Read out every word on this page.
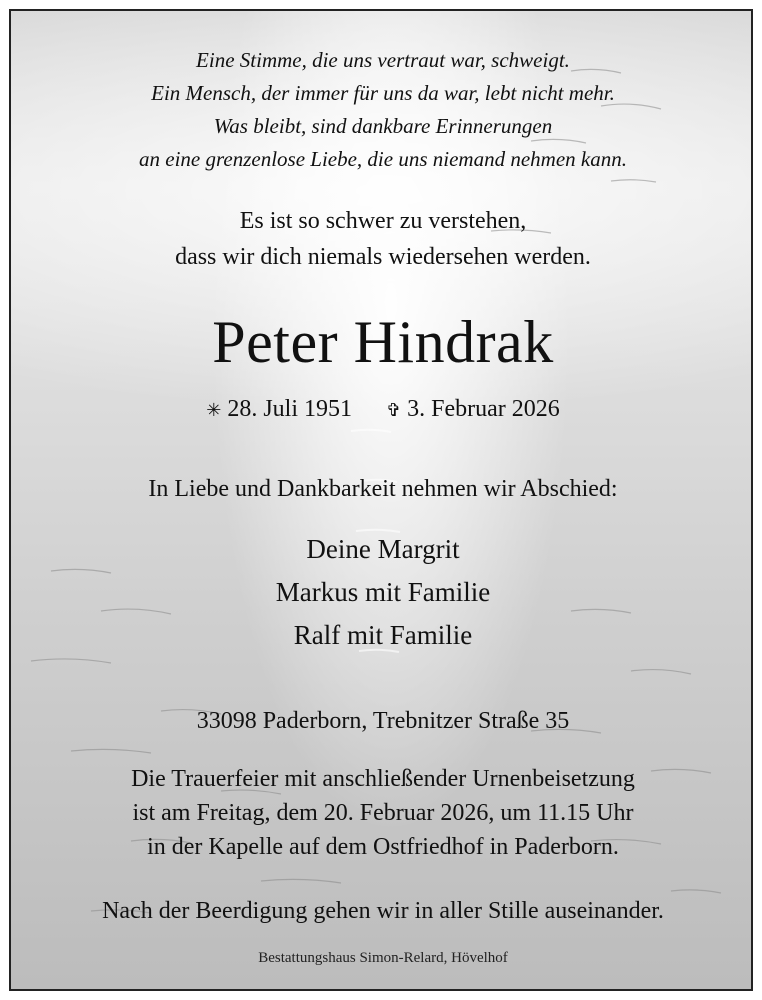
Eine Stimme, die uns vertraut war, schweigt.
Ein Mensch, der immer für uns da war, lebt nicht mehr.
Was bleibt, sind dankbare Erinnerungen
an eine grenzenlose Liebe, die uns niemand nehmen kann.
Es ist so schwer zu verstehen,
dass wir dich niemals wiedersehen werden.
Peter Hindrak
✳ 28. Juli 1951 ✞ 3. Februar 2026
In Liebe und Dankbarkeit nehmen wir Abschied:
Deine Margrit
Markus mit Familie
Ralf mit Familie
33098 Paderborn, Trebnitzer Straße 35
Die Trauerfeier mit anschließender Urnenbeisetzung
ist am Freitag, dem 20. Februar 2026, um 11.15 Uhr
in der Kapelle auf dem Ostfriedhof in Paderborn.
Nach der Beerdigung gehen wir in aller Stille auseinander.
Bestattungshaus Simon-Relard, Hövelhof
